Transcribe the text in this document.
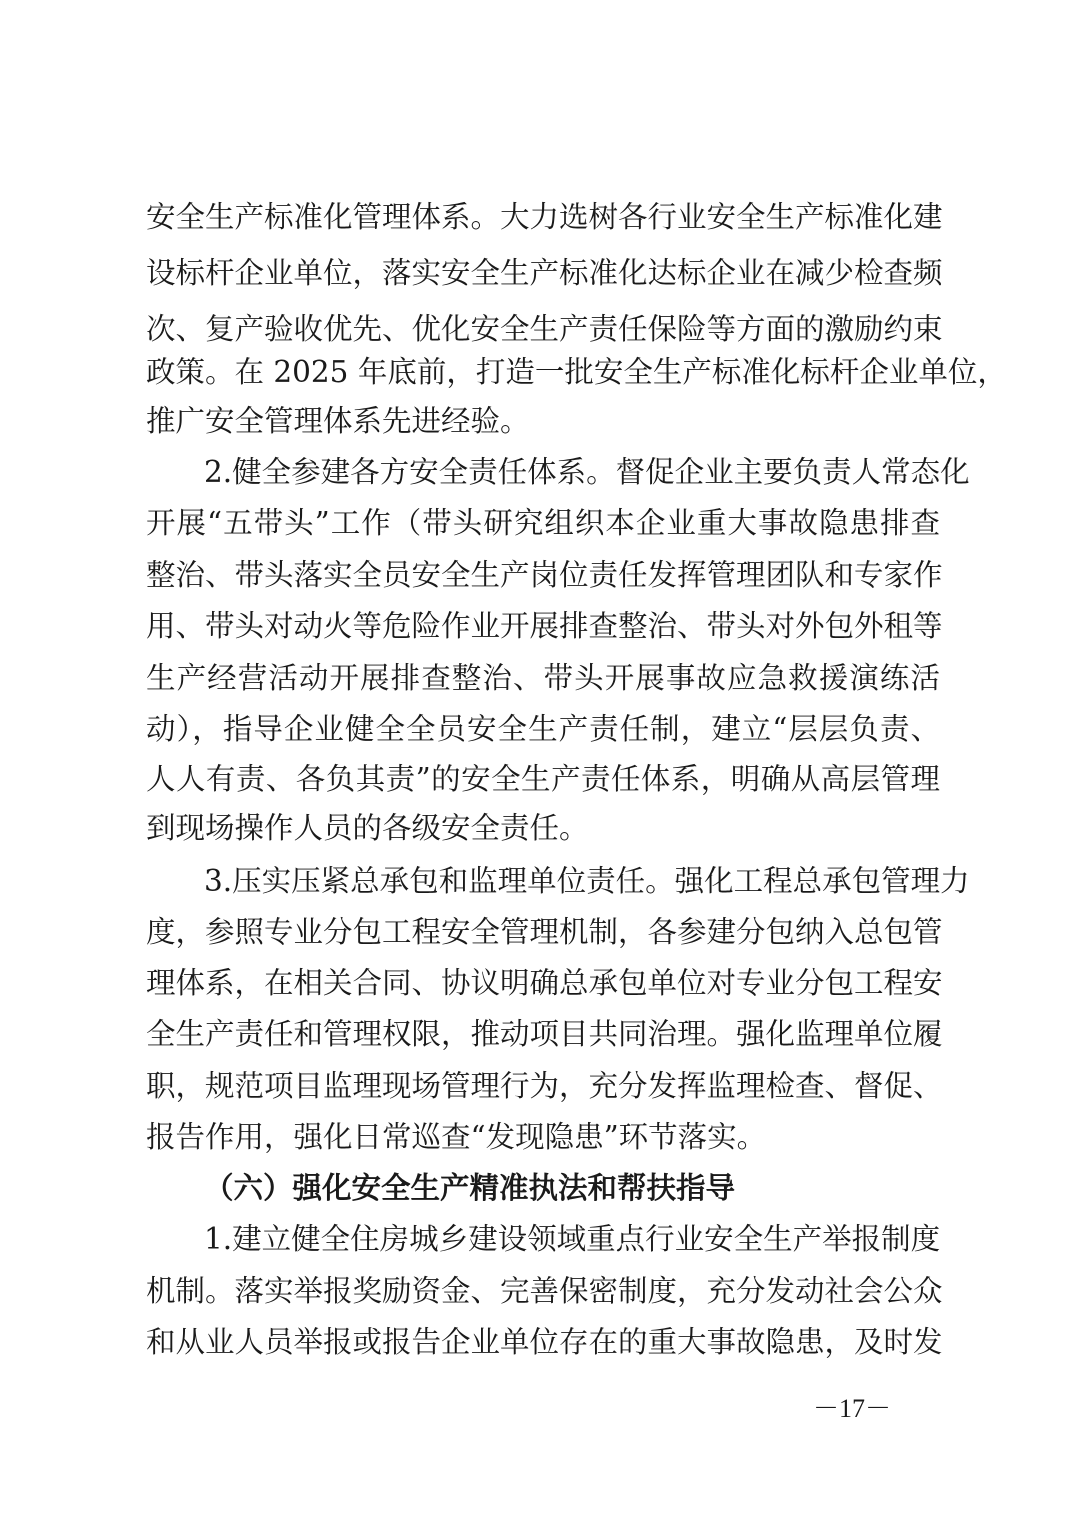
安全生产标准化管理体系。大力选树各行业安全生产标准化建
设标杆企业单位，落实安全生产标准化达标企业在减少检查频
次、复产验收优先、优化安全生产责任保险等方面的激励约束
政策。在 2025 年底前，打造一批安全生产标准化标杆企业单位，
推广安全管理体系先进经验。
2.健全参建各方安全责任体系。督促企业主要负责人常态化
开展“五带头”工作（带头研究组织本企业重大事故隐患排查
整治、带头落实全员安全生产岗位责任发挥管理团队和专家作
用、带头对动火等危险作业开展排查整治、带头对外包外租等
生产经营活动开展排查整治、带头开展事故应急救援演练活
动），指导企业健全全员安全生产责任制，建立“层层负责、
人人有责、各负其责”的安全生产责任体系，明确从高层管理
到现场操作人员的各级安全责任。
3.压实压紧总承包和监理单位责任。强化工程总承包管理力
度，参照专业分包工程安全管理机制，各参建分包纳入总包管
理体系，在相关合同、协议明确总承包单位对专业分包工程安
全生产责任和管理权限，推动项目共同治理。强化监理单位履
职，规范项目监理现场管理行为，充分发挥监理检查、督促、
报告作用，强化日常巡查“发现隐患”环节落实。
（六）强化安全生产精准执法和帮扶指导
1.建立健全住房城乡建设领域重点行业安全生产举报制度
机制。落实举报奖励资金、完善保密制度，充分发动社会公众
和从业人员举报或报告企业单位存在的重大事故隐患，及时发
－17－
